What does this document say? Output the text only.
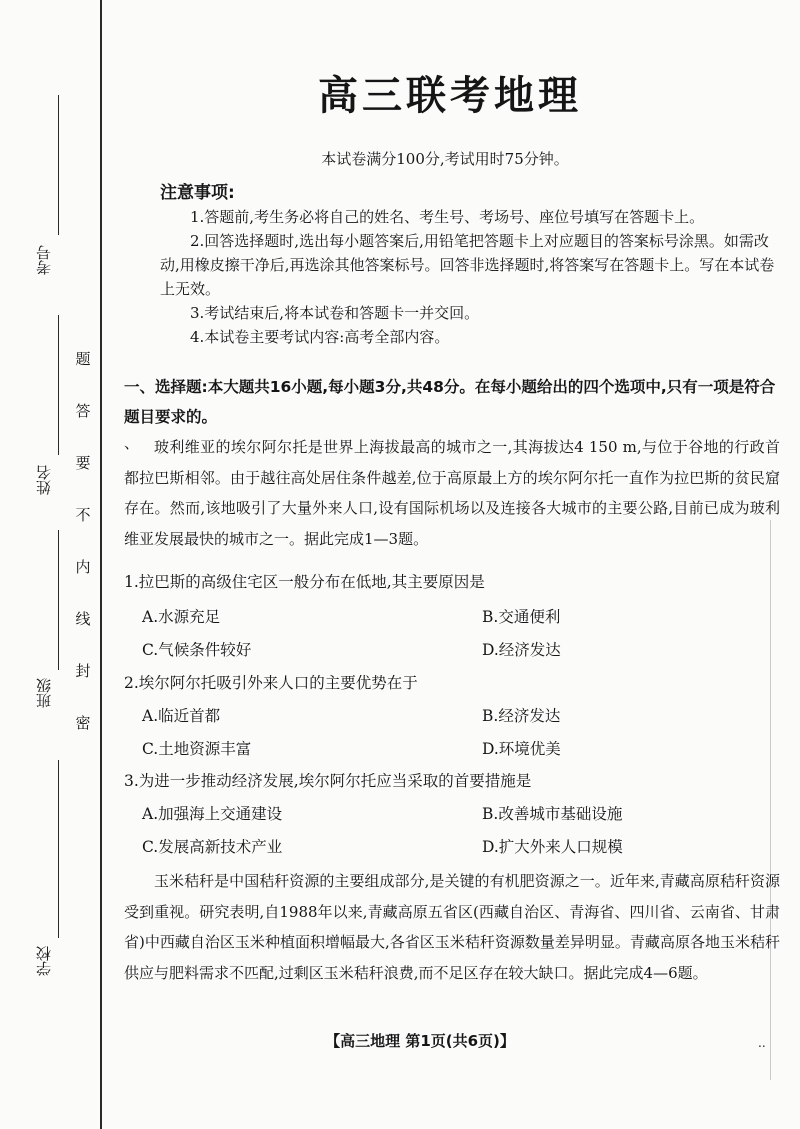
考号
姓名
班级
学校
题
答
要
不
内
线
封
密
高三联考地理
本试卷满分100分,考试用时75分钟。
注意事项:
1.答题前,考生务必将自己的姓名、考生号、考场号、座位号填写在答题卡上。
2.回答选择题时,选出每小题答案后,用铅笔把答题卡上对应题目的答案标号涂黑。如需改动,用橡皮擦干净后,再选涂其他答案标号。回答非选择题时,将答案写在答题卡上。写在本试卷上无效。
3.考试结束后,将本试卷和答题卡一并交回。
4.本试卷主要考试内容:高考全部内容。
一、选择题:本大题共16小题,每小题3分,共48分。在每小题给出的四个选项中,只有一项是符合题目要求的。
、 玻利维亚的埃尔阿尔托是世界上海拔最高的城市之一,其海拔达4 150 m,与位于谷地的行政首都拉巴斯相邻。由于越往高处居住条件越差,位于高原最上方的埃尔阿尔托一直作为拉巴斯的贫民窟存在。然而,该地吸引了大量外来人口,设有国际机场以及连接各大城市的主要公路,目前已成为玻利维亚发展最快的城市之一。据此完成1—3题。
1.拉巴斯的高级住宅区一般分布在低地,其主要原因是
A.水源充足	B.交通便利
C.气候条件较好	D.经济发达
2.埃尔阿尔托吸引外来人口的主要优势在于
A.临近首都	B.经济发达
C.土地资源丰富	D.环境优美
3.为进一步推动经济发展,埃尔阿尔托应当采取的首要措施是
A.加强海上交通建设	B.改善城市基础设施
C.发展高新技术产业	D.扩大外来人口规模
玉米秸秆是中国秸秆资源的主要组成部分,是关键的有机肥资源之一。近年来,青藏高原秸秆资源受到重视。研究表明,自1988年以来,青藏高原五省区(西藏自治区、青海省、四川省、云南省、甘肃省)中西藏自治区玉米种植面积增幅最大,各省区玉米秸秆资源数量差异明显。青藏高原各地玉米秸秆供应与肥料需求不匹配,过剩区玉米秸秆浪费,而不足区存在较大缺口。据此完成4—6题。
【高三地理 第1页(共6页)】	..
